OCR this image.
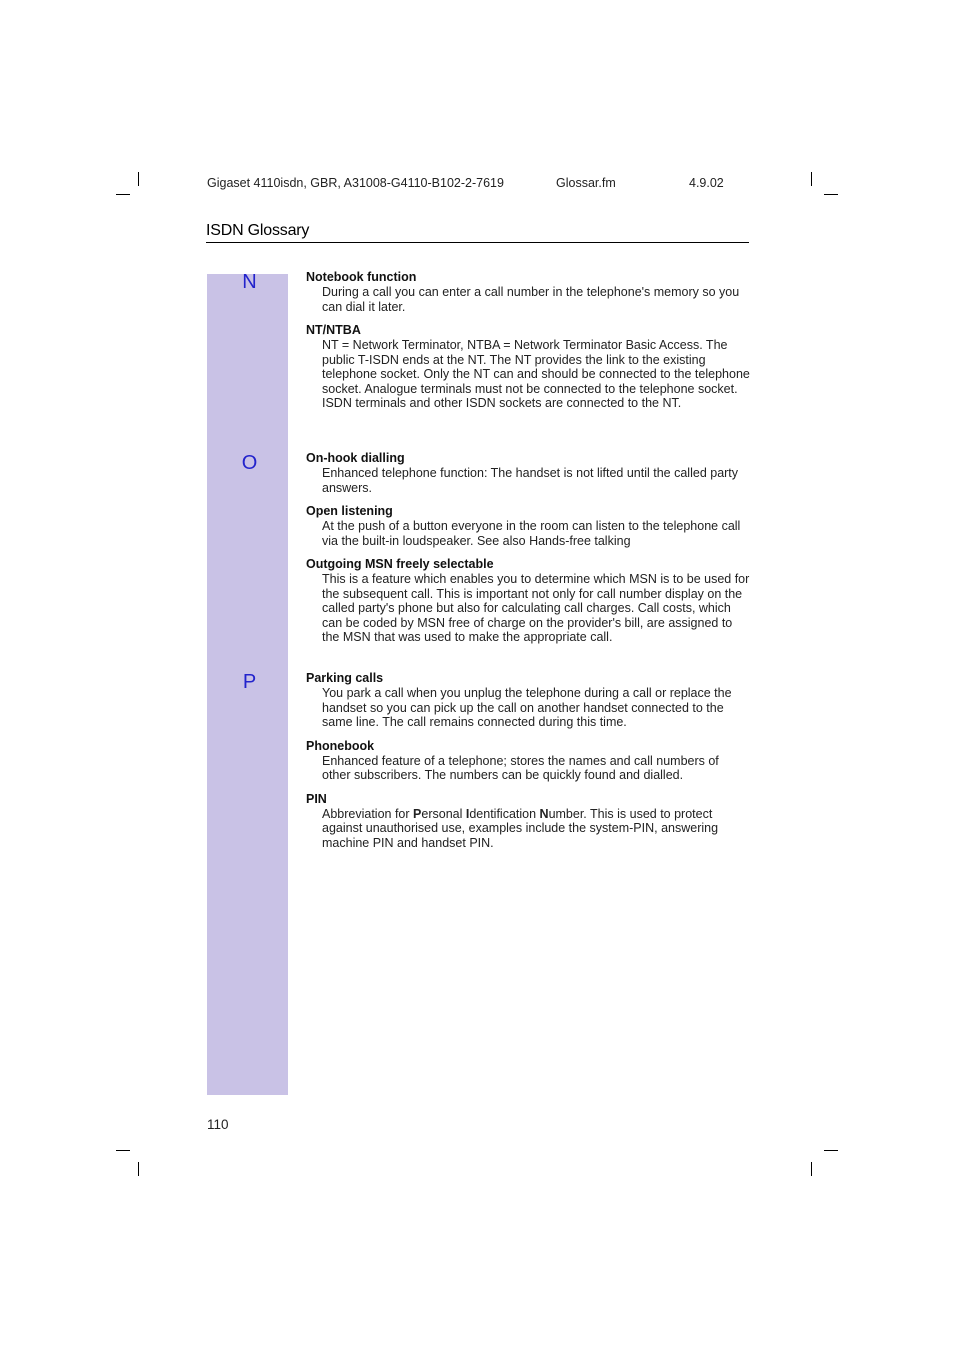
Gigaset 4110isdn, GBR, A31008-G4110-B102-2-7619	Glossar.fm	4.9.02
ISDN Glossary
N
O
P
Notebook function
During a call you can enter a call number in the telephone's memory so you can dial it later.
NT/NTBA
NT = Network Terminator, NTBA = Network Terminator Basic Access. The public T-ISDN ends at the NT. The NT provides the link to the existing telephone socket. Only the NT can and should be connected to the telephone socket. Analogue terminals must not be connected to the telephone socket. ISDN terminals and other ISDN sockets are connected to the NT.
On-hook dialling
Enhanced telephone function: The handset is not lifted until the called party answers.
Open listening
At the push of a button everyone in the room can listen to the telephone call via the built-in loudspeaker. See also Hands-free talking
Outgoing MSN freely selectable
This is a feature which enables you to determine which MSN is to be used for the subsequent call. This is important not only for call number display on the called party's phone but also for calculating call charges. Call costs, which can be coded by MSN free of charge on the provider's bill, are assigned to the MSN that was used to make the appropriate call.
Parking calls
You park a call when you unplug the telephone during a call or replace the handset so you can pick up the call on another handset connected to the same line. The call remains connected during this time.
Phonebook
Enhanced feature of a telephone; stores the names and call numbers of other subscribers. The numbers can be quickly found and dialled.
PIN
Abbreviation for Personal Identification Number. This is used to protect against unauthorised use, examples include the system-PIN, answering machine PIN and handset PIN.
110
